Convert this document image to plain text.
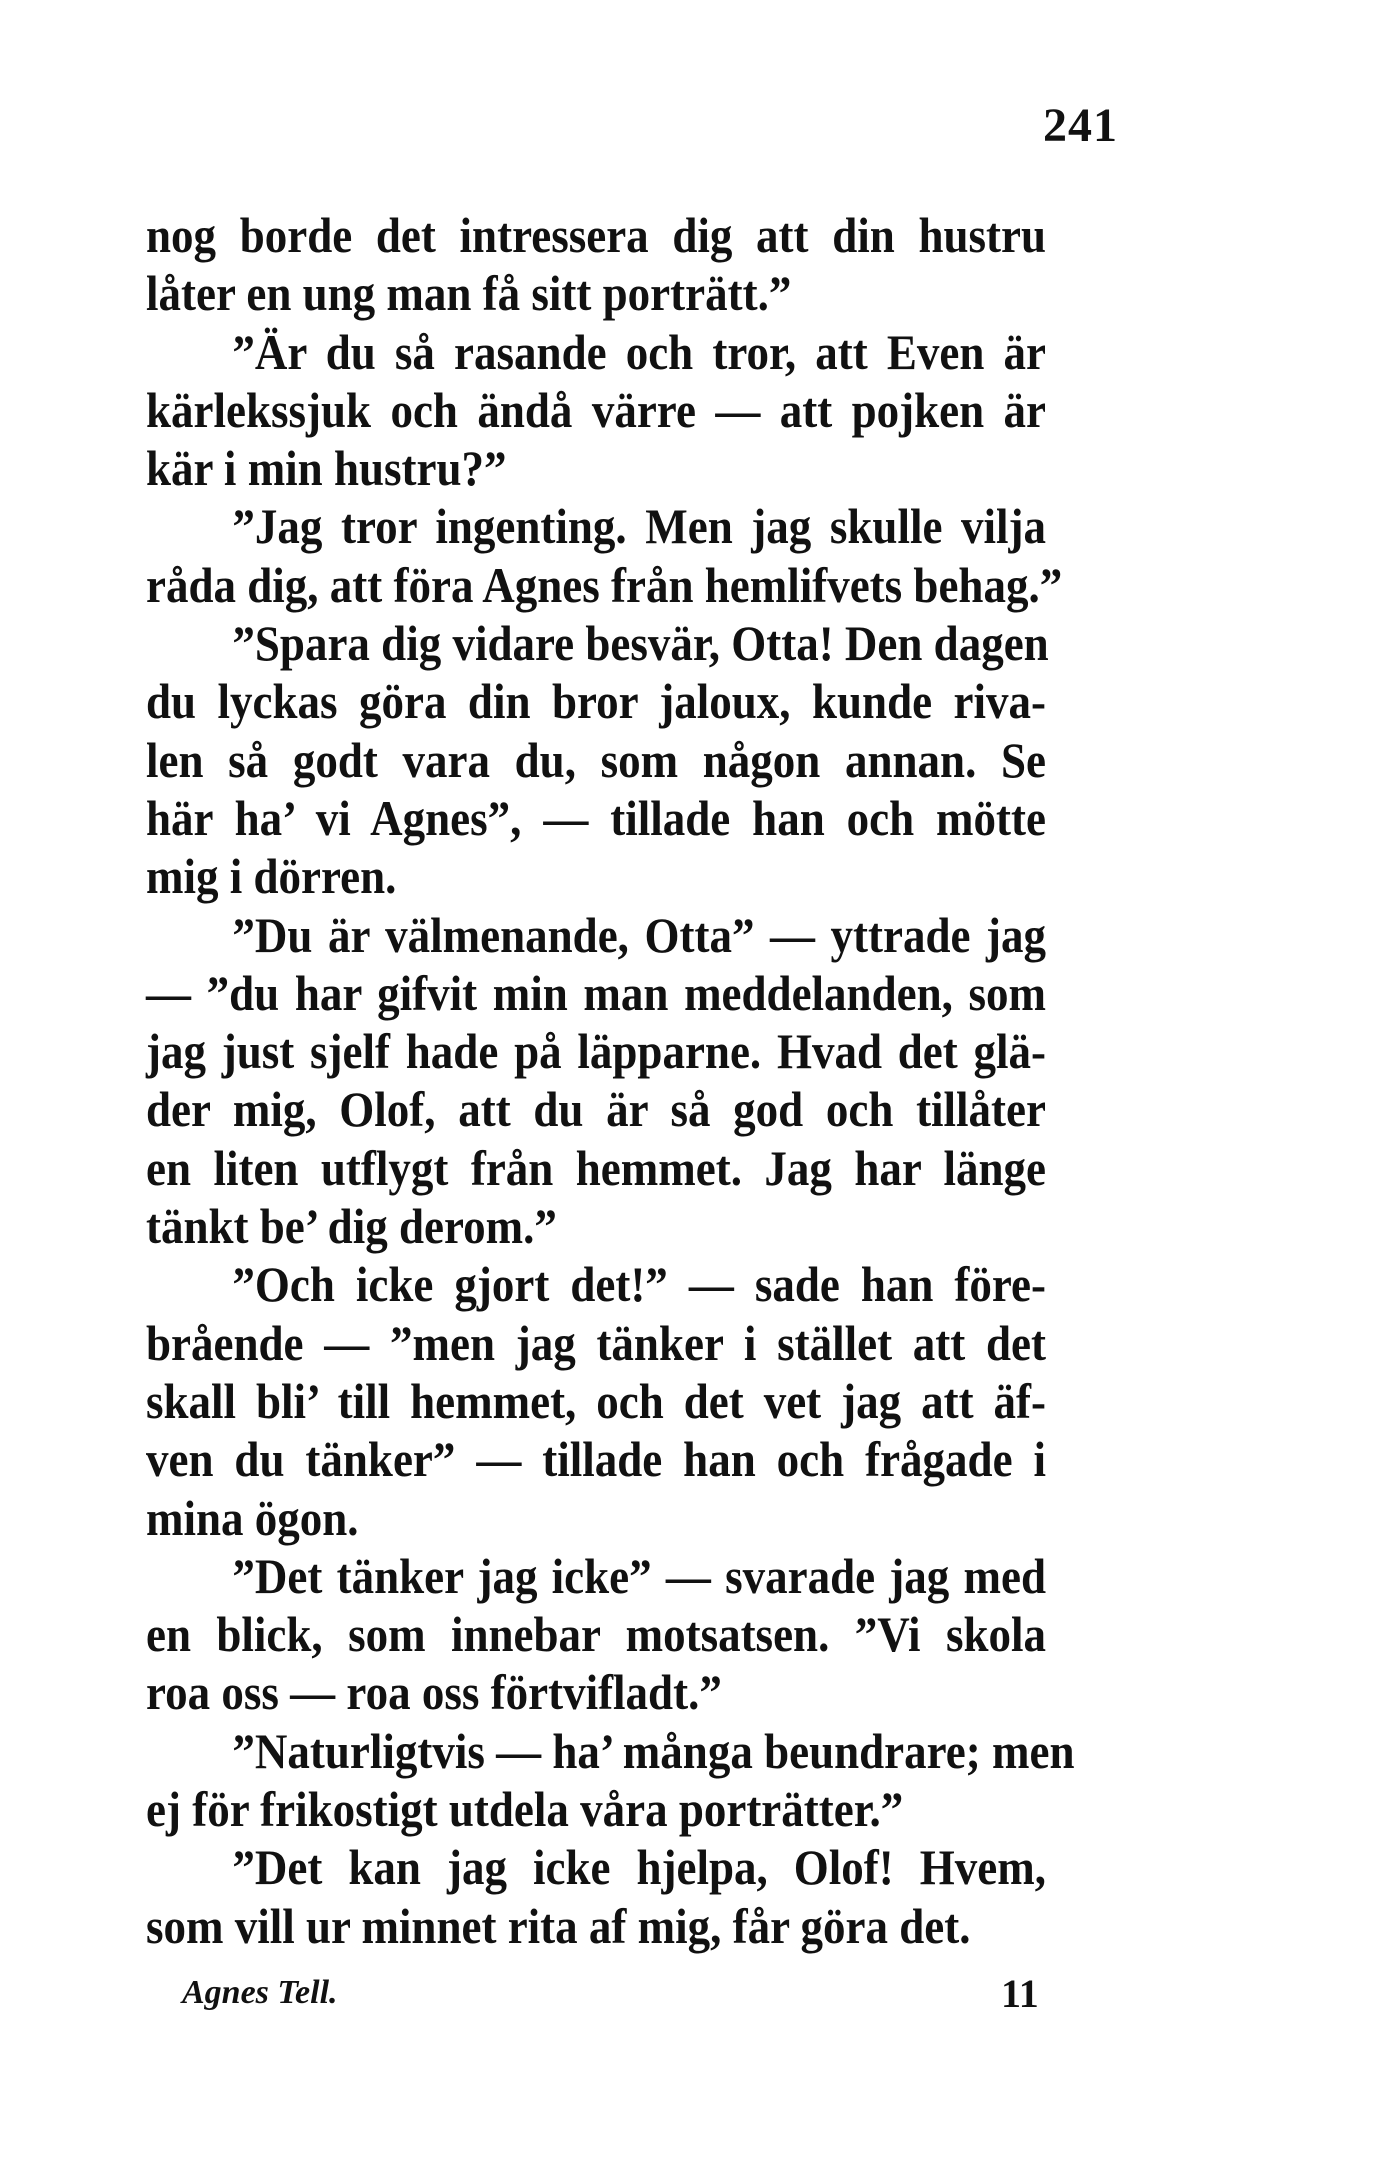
241
nog borde det intressera dig att din hustru
låter en ung man få sitt porträtt.”
”Är du så rasande och tror, att Even är
kärlekssjuk och ändå värre — att pojken är
kär i min hustru?”
”Jag tror ingenting. Men jag skulle vilja
råda dig, att föra Agnes från hemlifvets behag.”
”Spara dig vidare besvär, Otta! Den dagen
du lyckas göra din bror jaloux, kunde riva-
len så godt vara du, som någon annan. Se
här ha’ vi Agnes”, — tillade han och mötte
mig i dörren.
”Du är välmenande, Otta” — yttrade jag
— ”du har gifvit min man meddelanden, som
jag just sjelf hade på läpparne. Hvad det glä-
der mig, Olof, att du är så god och tillåter
en liten utflygt från hemmet. Jag har länge
tänkt be’ dig derom.”
”Och icke gjort det!” — sade han före-
brående — ”men jag tänker i stället att det
skall bli’ till hemmet, och det vet jag att äf-
ven du tänker” — tillade han och frågade i
mina ögon.
”Det tänker jag icke” — svarade jag med
en blick, som innebar motsatsen. ”Vi skola
roa oss — roa oss förtvifladt.”
”Naturligtvis — ha’ många beundrare; men
ej för frikostigt utdela våra porträtter.”
”Det kan jag icke hjelpa, Olof! Hvem,
som vill ur minnet rita af mig, får göra det.
Agnes Tell.	11
